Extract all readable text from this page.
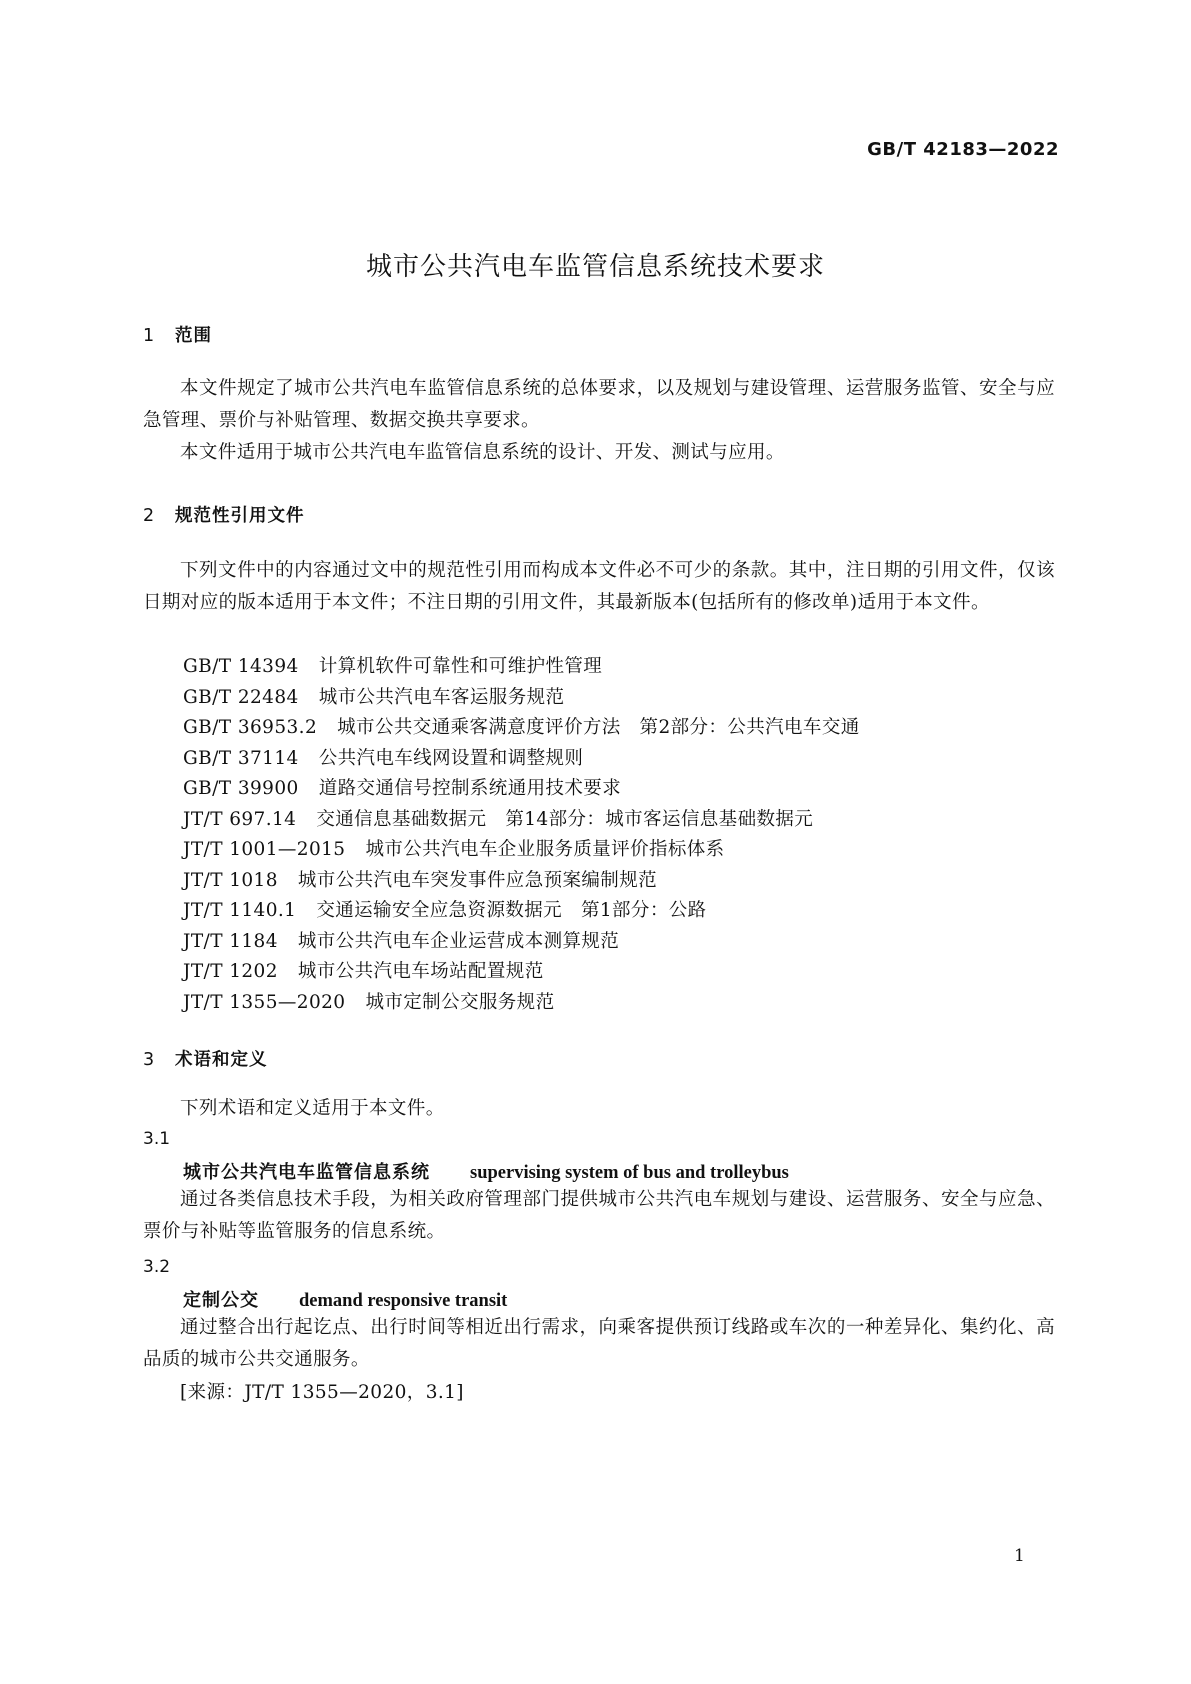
GB/T 42183—2022
城市公共汽电车监管信息系统技术要求
1 范围
本文件规定了城市公共汽电车监管信息系统的总体要求，以及规划与建设管理、运营服务监管、安全与应急管理、票价与补贴管理、数据交换共享要求。
本文件适用于城市公共汽电车监管信息系统的设计、开发、测试与应用。
2 规范性引用文件
下列文件中的内容通过文中的规范性引用而构成本文件必不可少的条款。其中，注日期的引用文件，仅该日期对应的版本适用于本文件；不注日期的引用文件，其最新版本(包括所有的修改单)适用于本文件。
GB/T 14394 计算机软件可靠性和可维护性管理
GB/T 22484 城市公共汽电车客运服务规范
GB/T 36953.2 城市公共交通乘客满意度评价方法　第2部分：公共汽电车交通
GB/T 37114 公共汽电车线网设置和调整规则
GB/T 39900 道路交通信号控制系统通用技术要求
JT/T 697.14 交通信息基础数据元　第14部分：城市客运信息基础数据元
JT/T 1001—2015 城市公共汽电车企业服务质量评价指标体系
JT/T 1018 城市公共汽电车突发事件应急预案编制规范
JT/T 1140.1 交通运输安全应急资源数据元　第1部分：公路
JT/T 1184 城市公共汽电车企业运营成本测算规范
JT/T 1202 城市公共汽电车场站配置规范
JT/T 1355—2020 城市定制公交服务规范
3 术语和定义
下列术语和定义适用于本文件。
3.1
城市公共汽电车监管信息系统 supervising system of bus and trolleybus
通过各类信息技术手段，为相关政府管理部门提供城市公共汽电车规划与建设、运营服务、安全与应急、票价与补贴等监管服务的信息系统。
3.2
定制公交 demand responsive transit
通过整合出行起讫点、出行时间等相近出行需求，向乘客提供预订线路或车次的一种差异化、集约化、高品质的城市公共交通服务。
[来源：JT/T 1355—2020，3.1]
1
